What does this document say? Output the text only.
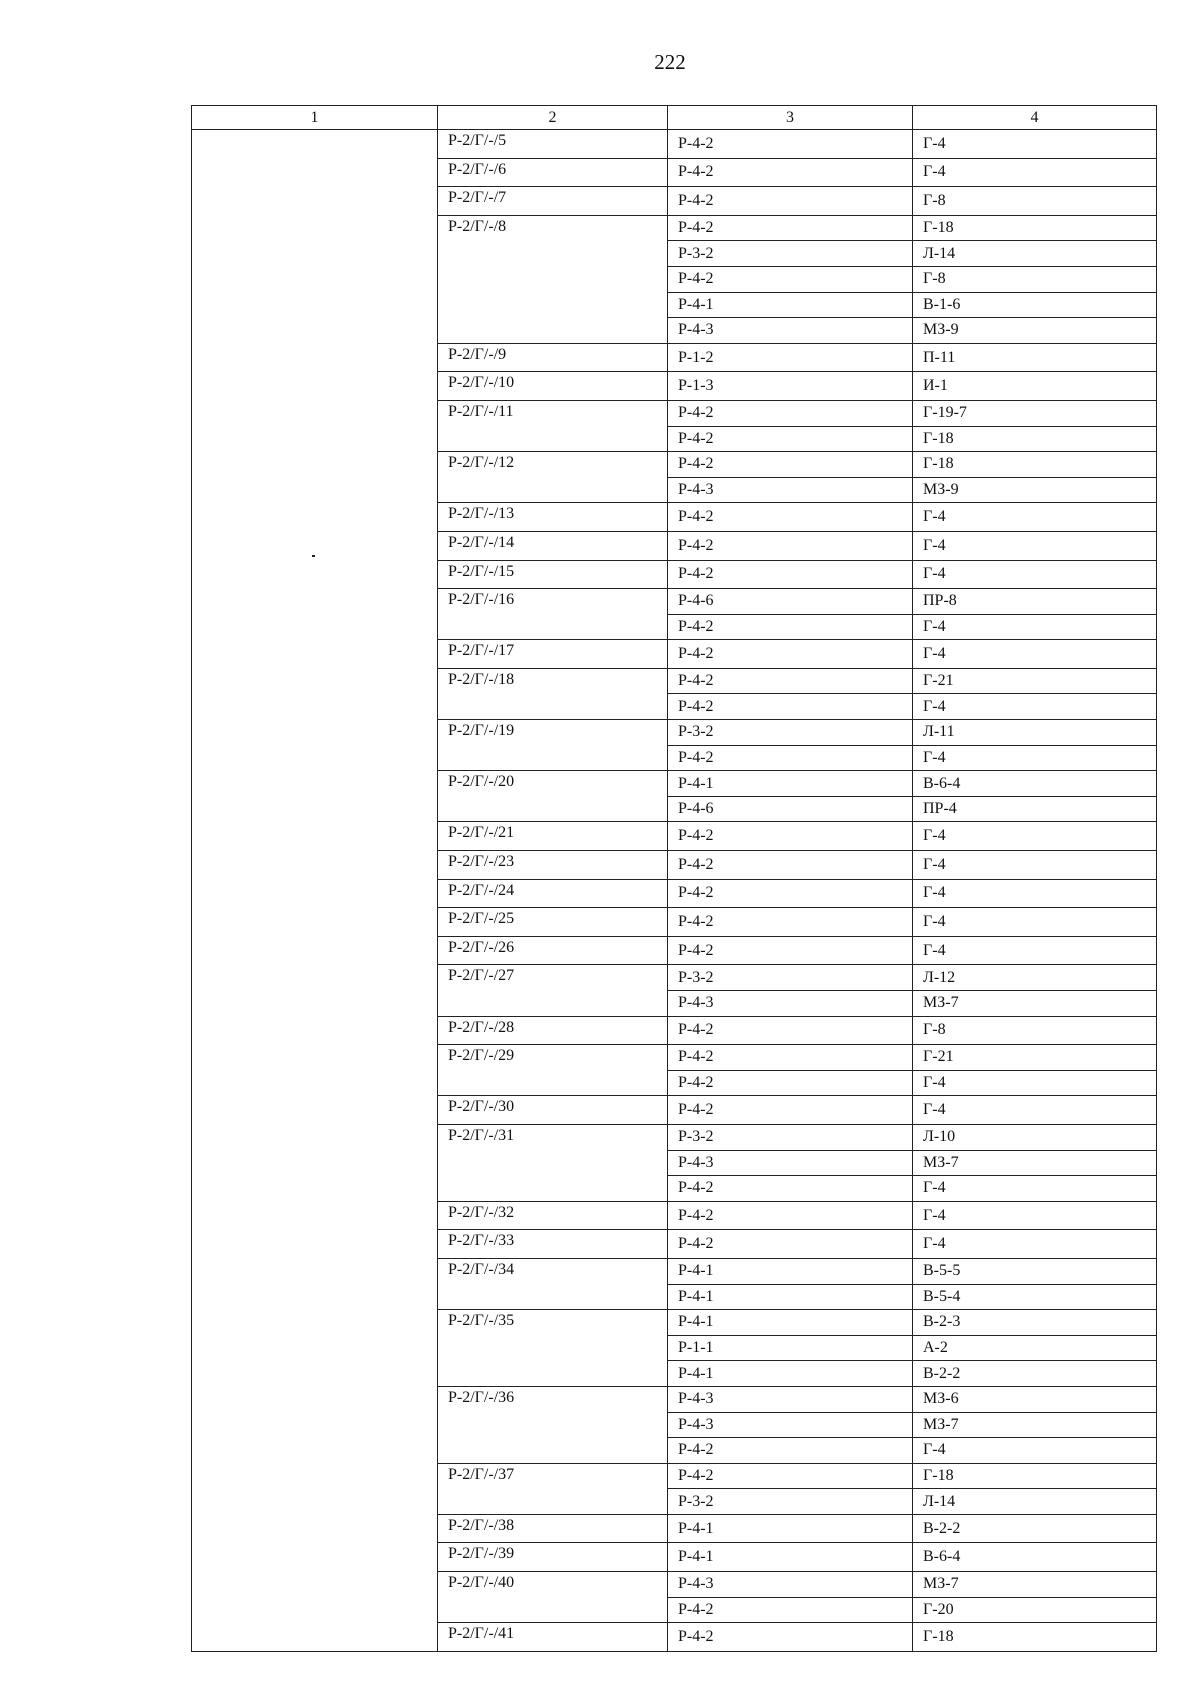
222
1	2	3	4
	Р-2/Г/-/5	Р-4-2	Г-4
	Р-2/Г/-/6	Р-4-2	Г-4
	Р-2/Г/-/7	Р-4-2	Г-8
	Р-2/Г/-/8	Р-4-2	Г-18
		Р-3-2	Л-14
		Р-4-2	Г-8
		Р-4-1	В-1-6
		Р-4-3	МЗ-9
	Р-2/Г/-/9	Р-1-2	П-11
	Р-2/Г/-/10	Р-1-3	И-1
	Р-2/Г/-/11	Р-4-2	Г-19-7
		Р-4-2	Г-18
	Р-2/Г/-/12	Р-4-2	Г-18
		Р-4-3	МЗ-9
	Р-2/Г/-/13	Р-4-2	Г-4
	Р-2/Г/-/14	Р-4-2	Г-4
	Р-2/Г/-/15	Р-4-2	Г-4
	Р-2/Г/-/16	Р-4-6	ПР-8
		Р-4-2	Г-4
	Р-2/Г/-/17	Р-4-2	Г-4
	Р-2/Г/-/18	Р-4-2	Г-21
		Р-4-2	Г-4
	Р-2/Г/-/19	Р-3-2	Л-11
		Р-4-2	Г-4
	Р-2/Г/-/20	Р-4-1	В-6-4
		Р-4-6	ПР-4
	Р-2/Г/-/21	Р-4-2	Г-4
	Р-2/Г/-/23	Р-4-2	Г-4
	Р-2/Г/-/24	Р-4-2	Г-4
	Р-2/Г/-/25	Р-4-2	Г-4
	Р-2/Г/-/26	Р-4-2	Г-4
	Р-2/Г/-/27	Р-3-2	Л-12
		Р-4-3	МЗ-7
	Р-2/Г/-/28	Р-4-2	Г-8
	Р-2/Г/-/29	Р-4-2	Г-21
		Р-4-2	Г-4
	Р-2/Г/-/30	Р-4-2	Г-4
	Р-2/Г/-/31	Р-3-2	Л-10
		Р-4-3	МЗ-7
		Р-4-2	Г-4
	Р-2/Г/-/32	Р-4-2	Г-4
	Р-2/Г/-/33	Р-4-2	Г-4
	Р-2/Г/-/34	Р-4-1	В-5-5
		Р-4-1	В-5-4
	Р-2/Г/-/35	Р-4-1	В-2-3
		Р-1-1	А-2
		Р-4-1	В-2-2
	Р-2/Г/-/36	Р-4-3	МЗ-6
		Р-4-3	МЗ-7
		Р-4-2	Г-4
	Р-2/Г/-/37	Р-4-2	Г-18
		Р-3-2	Л-14
	Р-2/Г/-/38	Р-4-1	В-2-2
	Р-2/Г/-/39	Р-4-1	В-6-4
	Р-2/Г/-/40	Р-4-3	МЗ-7
		Р-4-2	Г-20
	Р-2/Г/-/41	Р-4-2	Г-18
